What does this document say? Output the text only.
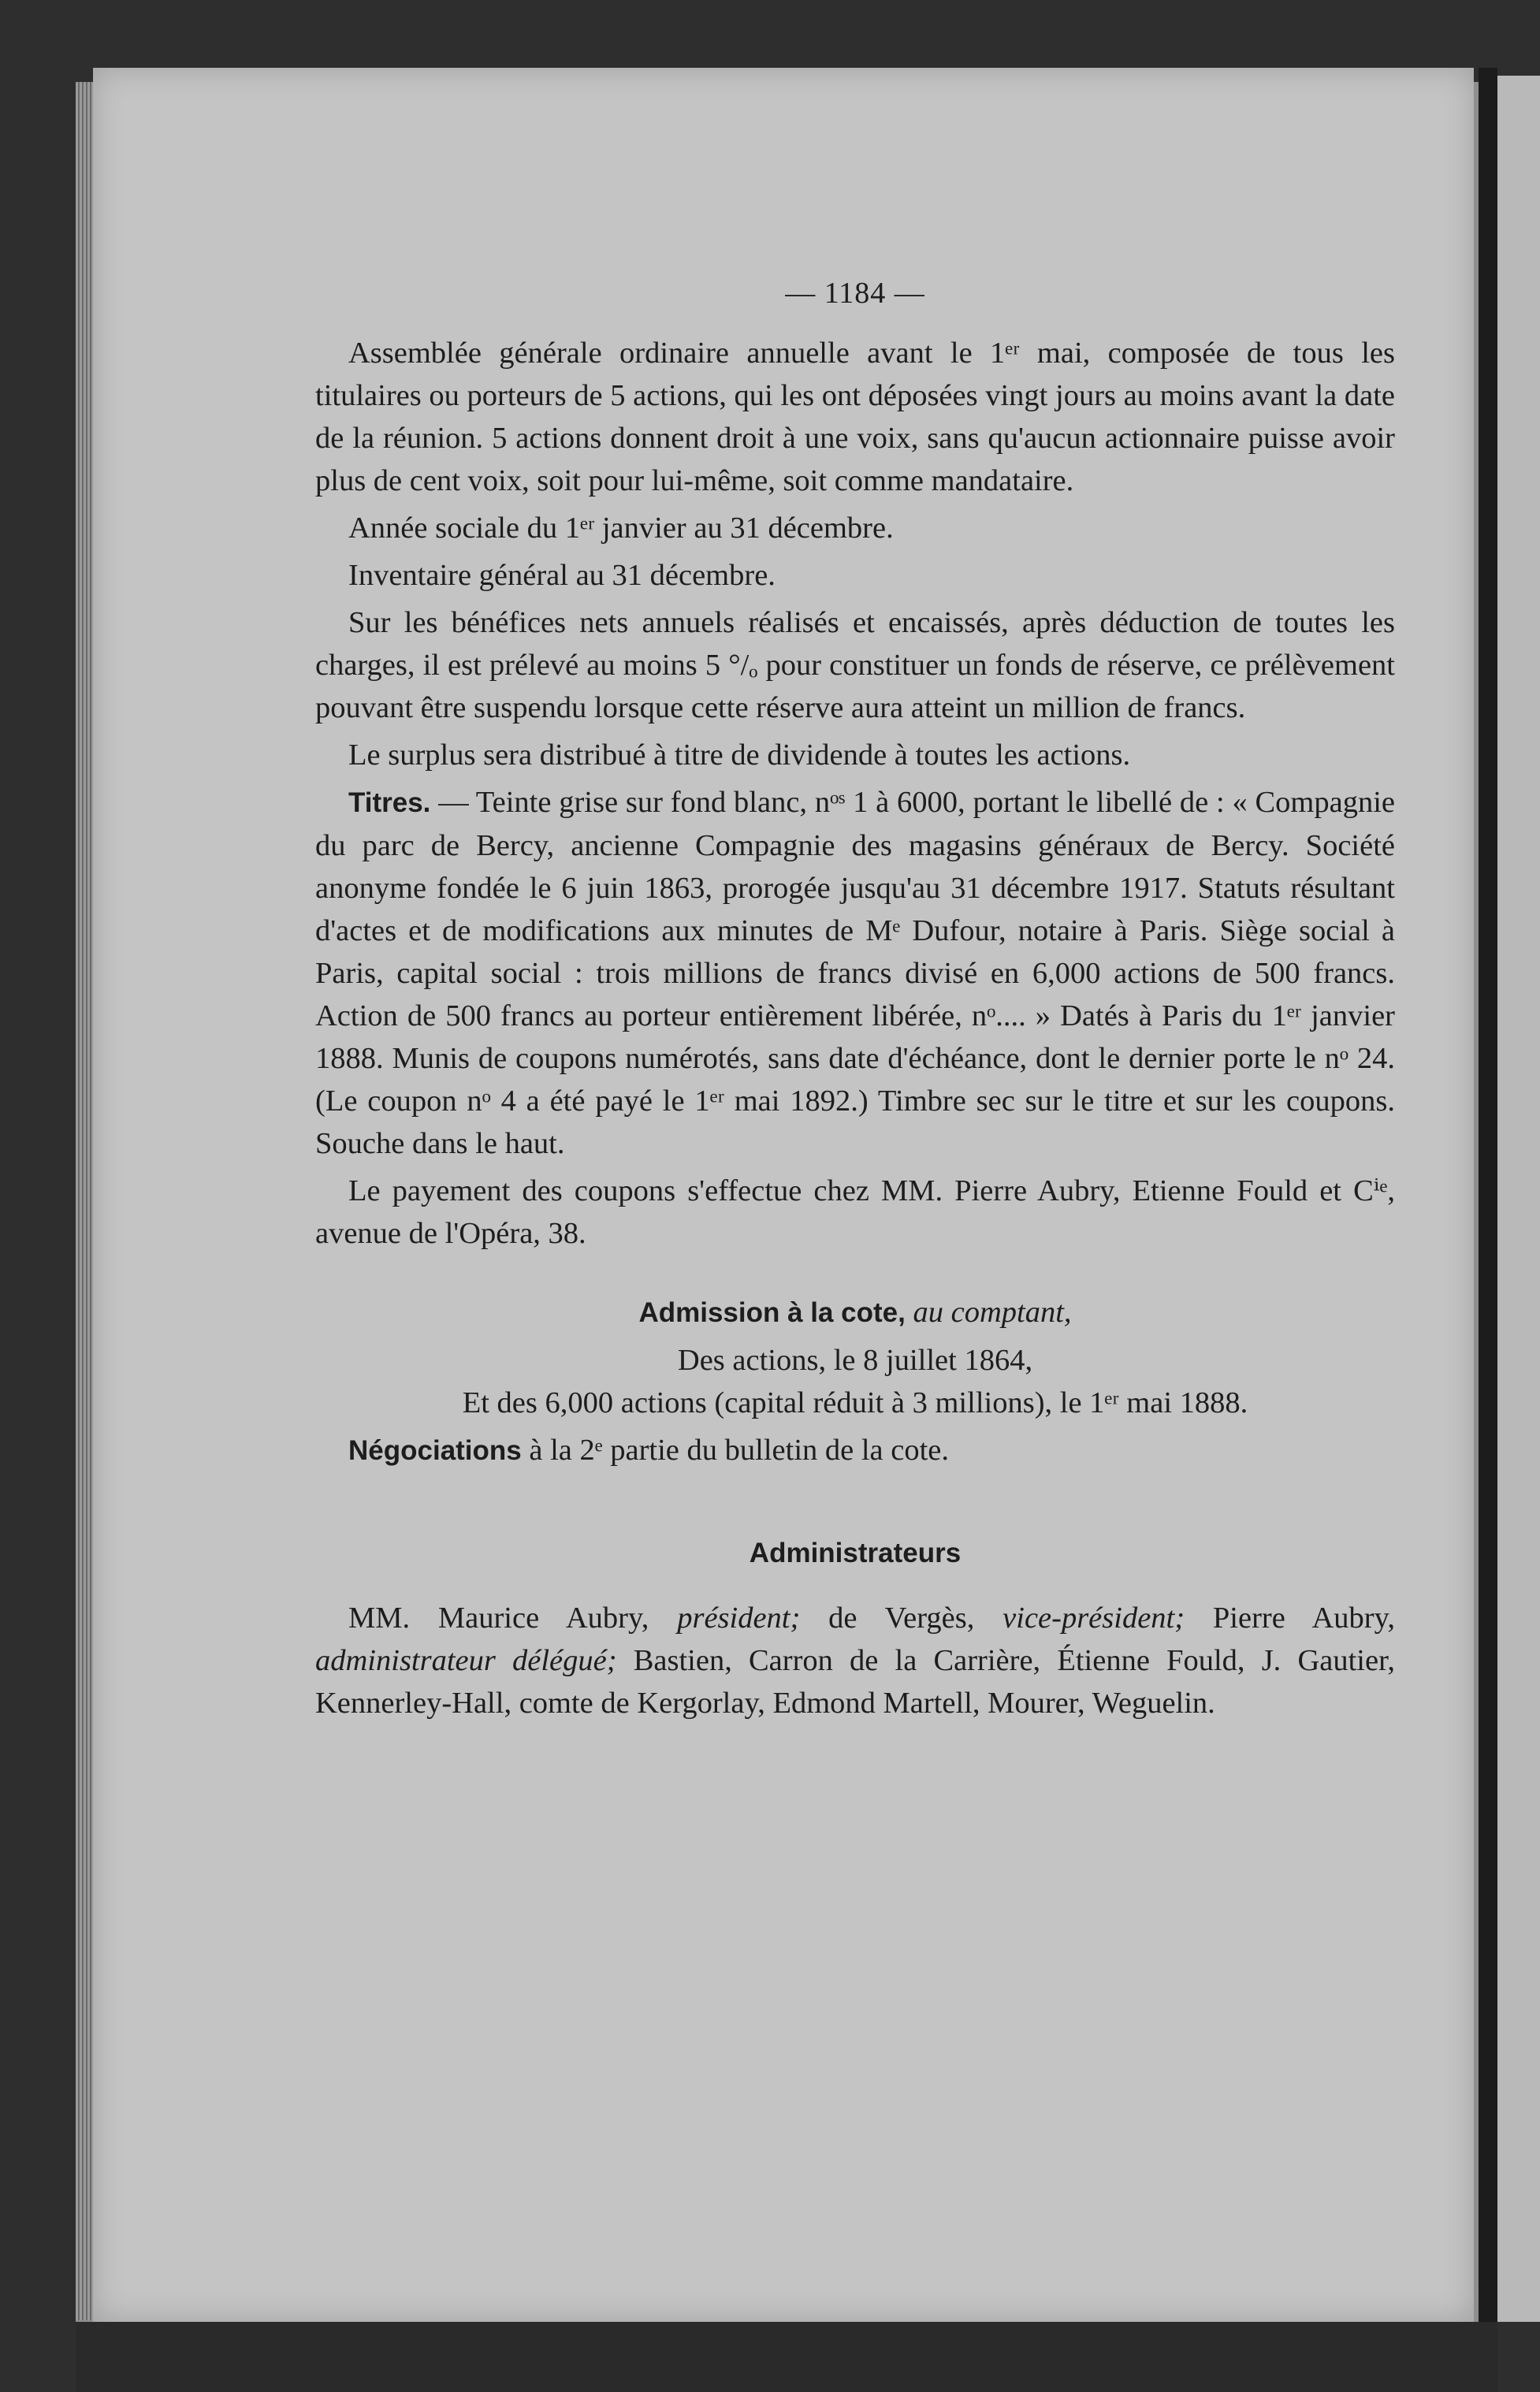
— 1184 —

Assemblée générale ordinaire annuelle avant le 1ᵉʳ mai, composée de tous les titulaires ou porteurs de 5 actions, qui les ont déposées vingt jours au moins avant la date de la réunion. 5 actions donnent droit à une voix, sans qu'aucun actionnaire puisse avoir plus de cent voix, soit pour lui-même, soit comme mandataire.

Année sociale du 1ᵉʳ janvier au 31 décembre.

Inventaire général au 31 décembre.

Sur les bénéfices nets annuels réalisés et encaissés, après déduction de toutes les charges, il est prélevé au moins 5 °/ₒ pour constituer un fonds de réserve, ce prélèvement pouvant être suspendu lorsque cette réserve aura atteint un million de francs.

Le surplus sera distribué à titre de dividende à toutes les actions.

Titres. — Teinte grise sur fond blanc, nᵒˢ 1 à 6000, portant le libellé de : « Compagnie du parc de Bercy, ancienne Compagnie des magasins généraux de Bercy. Société anonyme fondée le 6 juin 1863, prorogée jusqu'au 31 décembre 1917. Statuts résultant d'actes et de modifications aux minutes de Mᵉ Dufour, notaire à Paris. Siège social à Paris, capital social : trois millions de francs divisé en 6,000 actions de 500 francs. Action de 500 francs au porteur entièrement libérée, nᵒ.... » Datés à Paris du 1ᵉʳ janvier 1888. Munis de coupons numérotés, sans date d'échéance, dont le dernier porte le nᵒ 24. (Le coupon nᵒ 4 a été payé le 1ᵉʳ mai 1892.) Timbre sec sur le titre et sur les coupons. Souche dans le haut.

Le payement des coupons s'effectue chez MM. Pierre Aubry, Etienne Fould et Cⁱᵉ, avenue de l'Opéra, 38.

Admission à la cote, au comptant,

Des actions, le 8 juillet 1864,

Et des 6,000 actions (capital réduit à 3 millions), le 1ᵉʳ mai 1888.

Négociations à la 2ᵉ partie du bulletin de la cote.

Administrateurs

MM. Maurice Aubry, président; de Vergès, vice-président; Pierre Aubry, administrateur délégué; Bastien, Carron de la Carrière, Étienne Fould, J. Gautier, Kennerley-Hall, comte de Kergorlay, Edmond Martell, Mourer, Weguelin.
